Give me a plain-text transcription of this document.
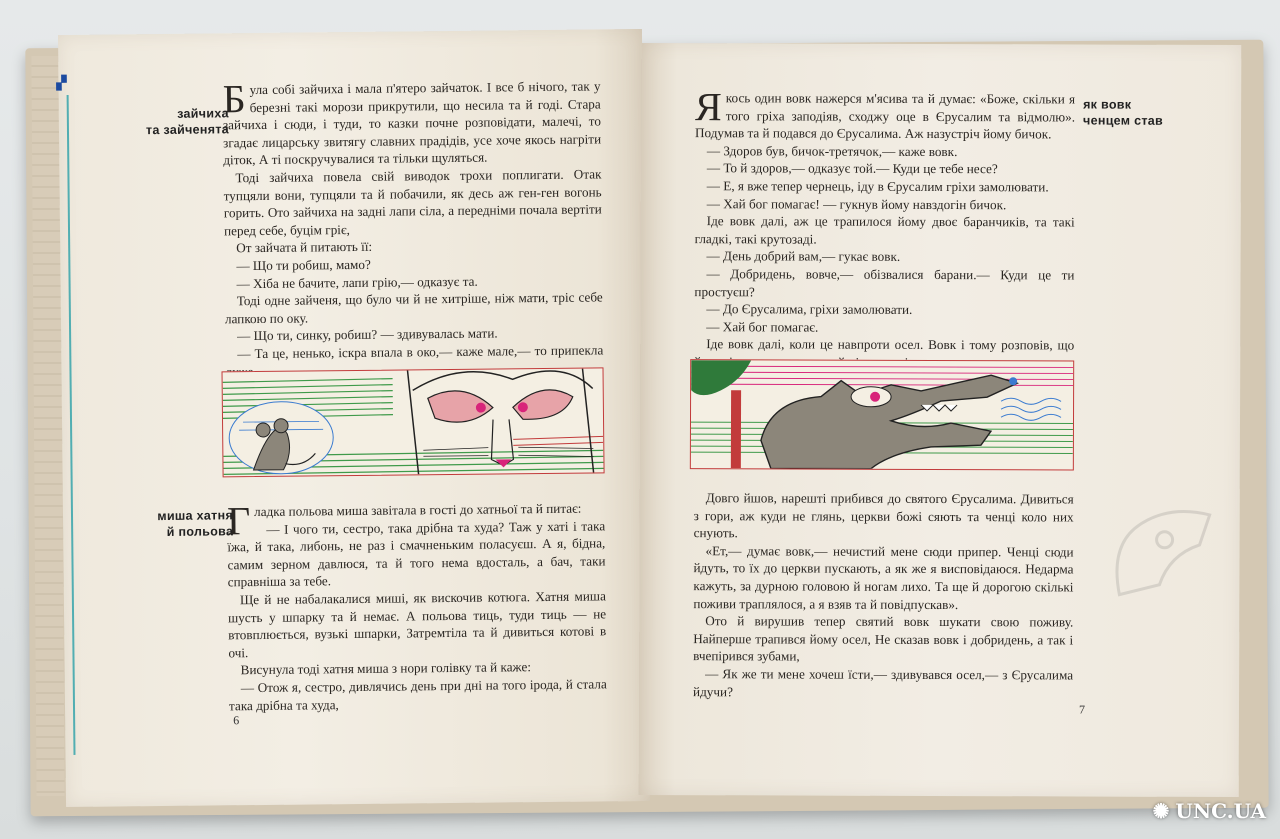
▞
зайчиха
та зайченята

Була собі зайчиха і мала п'ятеро зайчаток. І все б нічого, так у березні такі морози прикрутили, що несила та й годі. Стара зайчиха і сюди, і туди, то казки почне розповідати, малечі, то згадає лицарську звитягу славних прадідів, усе хоче якось нагріти діток, А ті поскручувалися та тільки щуляться.

Тоді зайчиха повела свій виводок трохи поплигати. Отак тупцяли вони, тупцяли та й побачили, як десь аж ген-ген вогонь горить. Ото зайчиха на задні лапи сіла, а передніми почала вертіти перед себе, буцім гріє,

От зайчата й питають її:

— Що ти робиш, мамо?

— Хіба не бачите, лапи грію,— одказує та.

Тоді одне зайченя, що було чи й не хитріше, ніж мати, тріс себе лапкою по оку.

— Що ти, синку, робиш? — здивувалась мати.

— Та це, ненько, іскра впала в око,— каже мале,— то припекла

миша хатня
й польова

Гладка польова миша завітала в гості до хатньої та й питає:

— І чого ти, сестро, така дрібна та худа? Таж у хаті і така їжа, й така, либонь, не раз і смачненьким поласуєш. А я, бідна, самим зерном давлюся, та й того нема вдосталь, а бач, таки справніша за тебе.

Ще й не набалакалися миші, як вискочив котюга. Хатня миша шусть у шпарку та й немає. А польова тиць, туди тиць — не втовплюється, вузькі шпарки, Затремтіла та й дивиться котові в очі.

Висунула тоді хатня миша з нори голівку та й каже:

— Отож я, сестро, дивлячись день при дні на того ірода, й стала така дрібна та худа,

6

Якось один вовк нажерся м'ясива та й думає: «Боже, скільки я того гріха заподіяв, сходжу оце в Єрусалим та відмолю». Подумав та й подався до Єрусалима. Аж назустріч йому бичок.

— Здоров був, бичок-третячок,— каже вовк.

— То й здоров,— одказує той.— Куди це тебе несе?

— Е, я вже тепер чернець, іду в Єрусалим гріхи замолювати.

— Хай бог помагає! — гукнув йому навздогін бичок.

Іде вовк далі, аж це трапилося йому двоє баранчиків, та такі гладкі, такі крутозаді.

— День добрий вам,— гукає вовк.

— Добридень, вовче,— обізвалися барани.— Куди це ти простуєш?

— До Єрусалима, гріхи замолювати.

— Хай бог помагає.

Іде вовк далі, коли це навпроти осел. Вовк і тому розповів, що

як вовк
ченцем став

Довго йшов, нарешті прибився до святого Єрусалима. Дивиться з гори, аж куди не глянь, церкви божі сяють та ченці коло них снують.

«Ет,— думає вовк,— нечистий мене сюди припер. Ченці сюди йдуть, то їх до церкви пускають, а як же я висповідаюся. Недарма кажуть, за дурною головою й ногам лихо. Та ще й дорогою скількі поживи траплялося, а я взяв та й повідпускав».

Ото й вирушив тепер святий вовк шукати свою поживу. Найперше трапився йому осел, Не сказав вовк і добридень, а так і вчепірився зубами,

— Як же ти мене хочеш їсти,— здивувався осел,— з Єрусалима йдучи?

7
✺ UNC.UA
